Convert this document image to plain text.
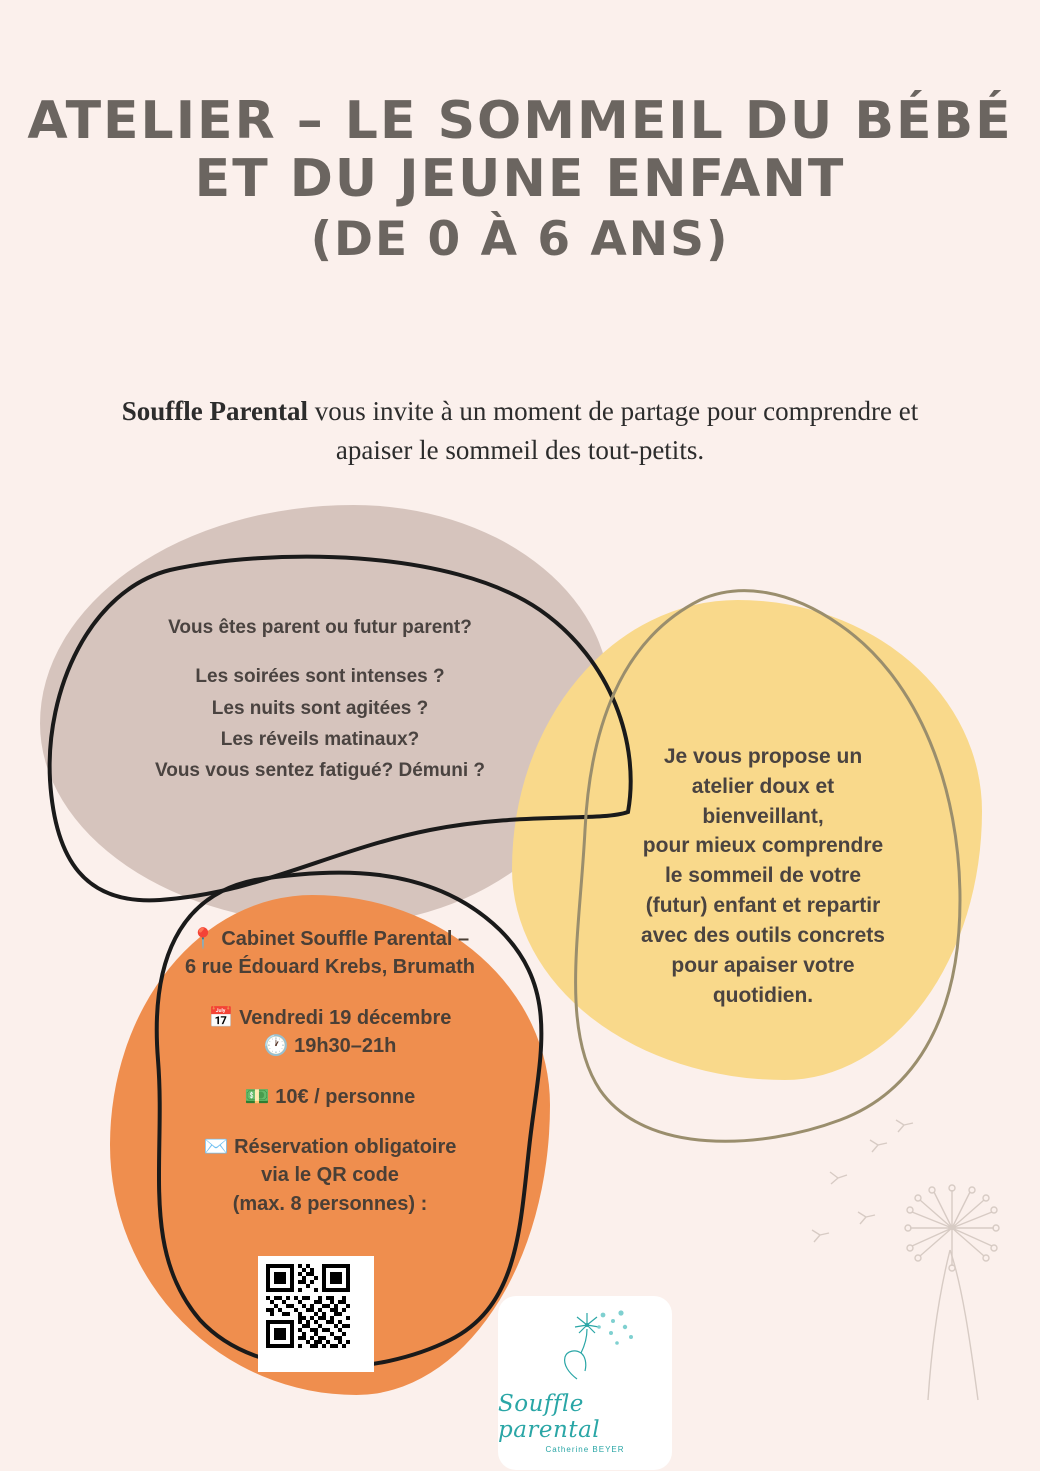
ATELIER – LE SOMMEIL DU BÉBÉ
ET DU JEUNE ENFANT
(DE 0 À 6 ANS)
Souffle Parental vous invite à un moment de partage pour comprendre et apaiser le sommeil des tout-petits.
Vous êtes parent ou futur parent?
Les soirées sont intenses ?
Les nuits sont agitées ?
Les réveils matinaux?
Vous vous sentez fatigué? Démuni ?
Je vous propose un
atelier doux et
bienveillant,
pour mieux comprendre
le sommeil de votre
(futur) enfant et repartir
avec des outils concrets
pour apaiser votre
quotidien.
📍 Cabinet Souffle Parental –
6 rue Édouard Krebs, Brumath
📅 Vendredi 19 décembre
🕐 19h30–21h
💵 10€ / personne
✉️ Réservation obligatoire
via le QR code
(max. 8 personnes) :
Souffle parental
Catherine BEYER
